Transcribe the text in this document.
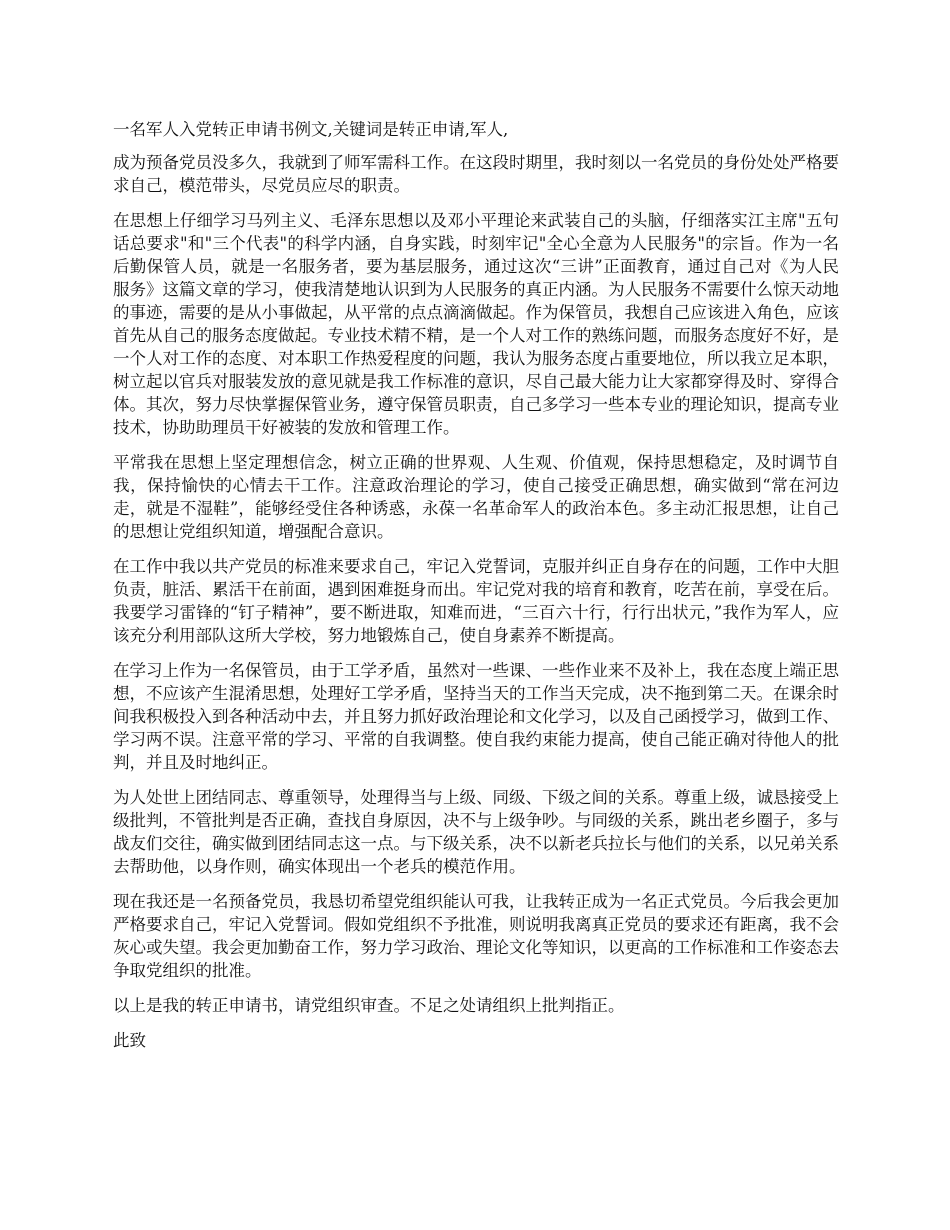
一名军人入党转正申请书例文,关键词是转正申请,军人,

成为预备党员没多久，我就到了师军需科工作。在这段时期里，我时刻以一名党员的身份处处严格要求自己，模范带头，尽党员应尽的职责。

在思想上仔细学习马列主义、毛泽东思想以及邓小平理论来武装自己的头脑，仔细落实江主席"五句话总要求"和"三个代表"的科学内涵，自身实践，时刻牢记"全心全意为人民服务"的宗旨。作为一名后勤保管人员，就是一名服务者，要为基层服务，通过这次“三讲”正面教育，通过自己对《为人民服务》这篇文章的学习，使我清楚地认识到为人民服务的真正内涵。为人民服务不需要什么惊天动地的事迹，需要的是从小事做起，从平常的点点滴滴做起。作为保管员，我想自己应该进入角色，应该首先从自己的服务态度做起。专业技术精不精，是一个人对工作的熟练问题，而服务态度好不好，是一个人对工作的态度、对本职工作热爱程度的问题，我认为服务态度占重要地位，所以我立足本职，树立起以官兵对服装发放的意见就是我工作标准的意识，尽自己最大能力让大家都穿得及时、穿得合体。其次，努力尽快掌握保管业务，遵守保管员职责，自己多学习一些本专业的理论知识，提高专业技术，协助助理员干好被装的发放和管理工作。

平常我在思想上坚定理想信念，树立正确的世界观、人生观、价值观，保持思想稳定，及时调节自我，保持愉快的心情去干工作。注意政治理论的学习，使自己接受正确思想，确实做到“常在河边走，就是不湿鞋”，能够经受住各种诱惑，永葆一名革命军人的政治本色。多主动汇报思想，让自己的思想让党组织知道，增强配合意识。

在工作中我以共产党员的标准来要求自己，牢记入党誓词，克服并纠正自身存在的问题，工作中大胆负责，脏活、累活干在前面，遇到困难挺身而出。牢记党对我的培育和教育，吃苦在前，享受在后。我要学习雷锋的“钉子精神”，要不断进取，知难而进，“三百六十行，行行出状元，”我作为军人，应该充分利用部队这所大学校，努力地锻炼自己，使自身素养不断提高。

在学习上作为一名保管员，由于工学矛盾，虽然对一些课、一些作业来不及补上，我在态度上端正思想，不应该产生混淆思想，处理好工学矛盾，坚持当天的工作当天完成，决不拖到第二天。在课余时间我积极投入到各种活动中去，并且努力抓好政治理论和文化学习，以及自己函授学习，做到工作、学习两不误。注意平常的学习、平常的自我调整。使自我约束能力提高，使自己能正确对待他人的批判，并且及时地纠正。

为人处世上团结同志、尊重领导，处理得当与上级、同级、下级之间的关系。尊重上级，诚恳接受上级批判，不管批判是否正确，查找自身原因，决不与上级争吵。与同级的关系，跳出老乡圈子，多与战友们交往，确实做到团结同志这一点。与下级关系，决不以新老兵拉长与他们的关系，以兄弟关系去帮助他，以身作则，确实体现出一个老兵的模范作用。

现在我还是一名预备党员，我恳切希望党组织能认可我，让我转正成为一名正式党员。今后我会更加严格要求自己，牢记入党誓词。假如党组织不予批准，则说明我离真正党员的要求还有距离，我不会灰心或失望。我会更加勤奋工作，努力学习政治、理论文化等知识，以更高的工作标准和工作姿态去争取党组织的批准。

以上是我的转正申请书，请党组织审查。不足之处请组织上批判指正。

此致
